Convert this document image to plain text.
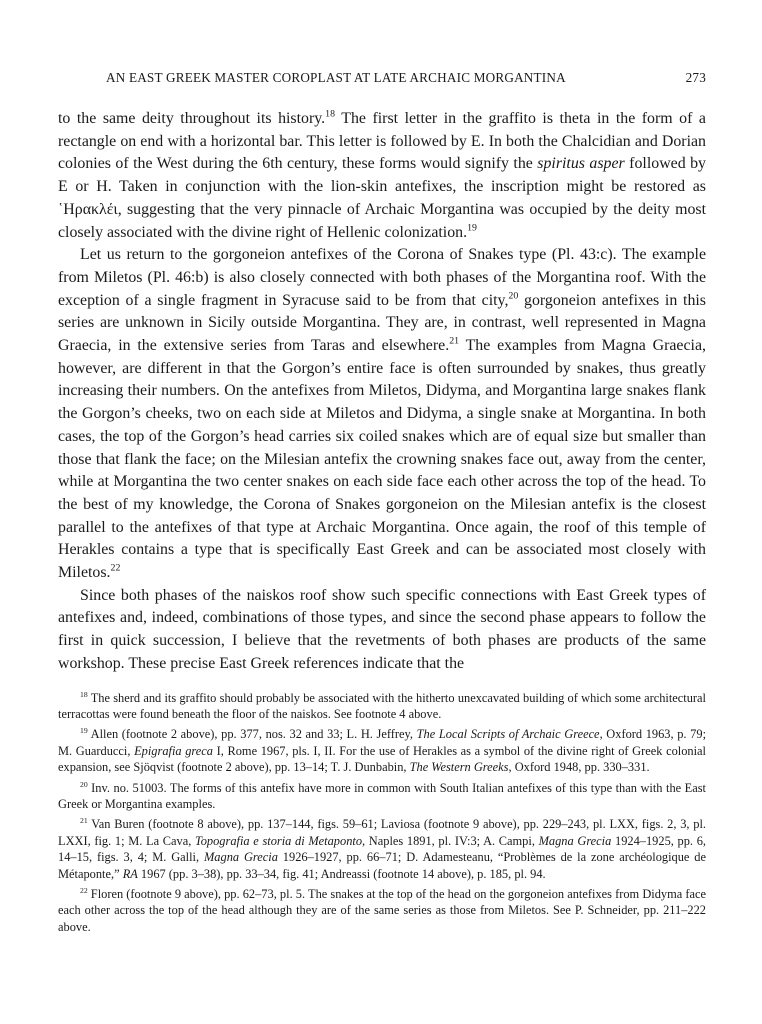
AN EAST GREEK MASTER COROPLAST AT LATE ARCHAIC MORGANTINA	273

to the same deity throughout its history.$^{18}$ The first letter in the graffito is theta in the form of a rectangle on end with a horizontal bar. This letter is followed by E. In both the Chalcidian and Dorian colonies of the West during the 6th century, these forms would signify the spiritus asper followed by E or H. Taken in conjunction with the lion-skin antefixes, the inscription might be restored as ῾Ηρακλέι, suggesting that the very pinnacle of Archaic Morgantina was occupied by the deity most closely associated with the divine right of Hellenic colonization.$^{19}$

Let us return to the gorgoneion antefixes of the Corona of Snakes type (Pl. 43:c). The example from Miletos (Pl. 46:b) is also closely connected with both phases of the Morgantina roof. With the exception of a single fragment in Syracuse said to be from that city,$^{20}$ gorgoneion antefixes in this series are unknown in Sicily outside Morgantina. They are, in contrast, well represented in Magna Graecia, in the extensive series from Taras and elsewhere.$^{21}$ The examples from Magna Graecia, however, are different in that the Gorgon’s entire face is often surrounded by snakes, thus greatly increasing their numbers. On the antefixes from Miletos, Didyma, and Morgantina large snakes flank the Gorgon’s cheeks, two on each side at Miletos and Didyma, a single snake at Morgantina. In both cases, the top of the Gorgon’s head carries six coiled snakes which are of equal size but smaller than those that flank the face; on the Milesian antefix the crowning snakes face out, away from the center, while at Morgantina the two center snakes on each side face each other across the top of the head. To the best of my knowledge, the Corona of Snakes gorgoneion on the Milesian antefix is the closest parallel to the antefixes of that type at Archaic Morgantina. Once again, the roof of this temple of Herakles contains a type that is specifically East Greek and can be associated most closely with Miletos.$^{22}$

Since both phases of the naiskos roof show such specific connections with East Greek types of antefixes and, indeed, combinations of those types, and since the second phase appears to follow the first in quick succession, I believe that the revetments of both phases are products of the same workshop. These precise East Greek references indicate that the

$^{18}$ The sherd and its graffito should probably be associated with the hitherto unexcavated building of which some architectural terracottas were found beneath the floor of the naiskos. See footnote 4 above.

$^{19}$ Allen (footnote 2 above), pp. 377, nos. 32 and 33; L. H. Jeffrey, The Local Scripts of Archaic Greece, Oxford 1963, p. 79; M. Guarducci, Epigrafia greca I, Rome 1967, pls. I, II. For the use of Herakles as a symbol of the divine right of Greek colonial expansion, see Sjöqvist (footnote 2 above), pp. 13–14; T. J. Dunbabin, The Western Greeks, Oxford 1948, pp. 330–331.

$^{20}$ Inv. no. 51003. The forms of this antefix have more in common with South Italian antefixes of this type than with the East Greek or Morgantina examples.

$^{21}$ Van Buren (footnote 8 above), pp. 137–144, figs. 59–61; Laviosa (footnote 9 above), pp. 229–243, pl. LXX, figs. 2, 3, pl. LXXI, fig. 1; M. La Cava, Topografia e storia di Metaponto, Naples 1891, pl. IV:3; A. Campi, Magna Grecia 1924–1925, pp. 6, 14–15, figs. 3, 4; M. Galli, Magna Grecia 1926–1927, pp. 66–71; D. Adamesteanu, “Problèmes de la zone archéologique de Métaponte,” RA 1967 (pp. 3–38), pp. 33–34, fig. 41; Andreassi (footnote 14 above), p. 185, pl. 94.

$^{22}$ Floren (footnote 9 above), pp. 62–73, pl. 5. The snakes at the top of the head on the gorgoneion antefixes from Didyma face each other across the top of the head although they are of the same series as those from Miletos. See P. Schneider, pp. 211–222 above.
